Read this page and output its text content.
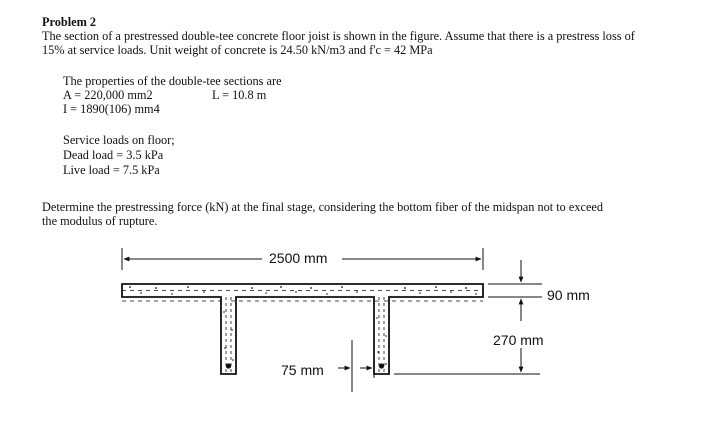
Problem 2
The section of a prestressed double-tee concrete floor joist is shown in the figure. Assume that there is a prestress loss of
15% at service loads. Unit weight of concrete is 24.50 kN/m3 and f'c = 42 MPa
The properties of the double-tee sections are
A = 220,000 mm2	L = 10.8 m
I = 1890(106) mm4
Service loads on floor;
Dead load = 3.5 kPa
Live load = 7.5 kPa
Determine the prestressing force (kN) at the final stage, considering the bottom fiber of the midspan not to exceed
the modulus of rupture.
2500 mm
90 mm
270 mm
75 mm
